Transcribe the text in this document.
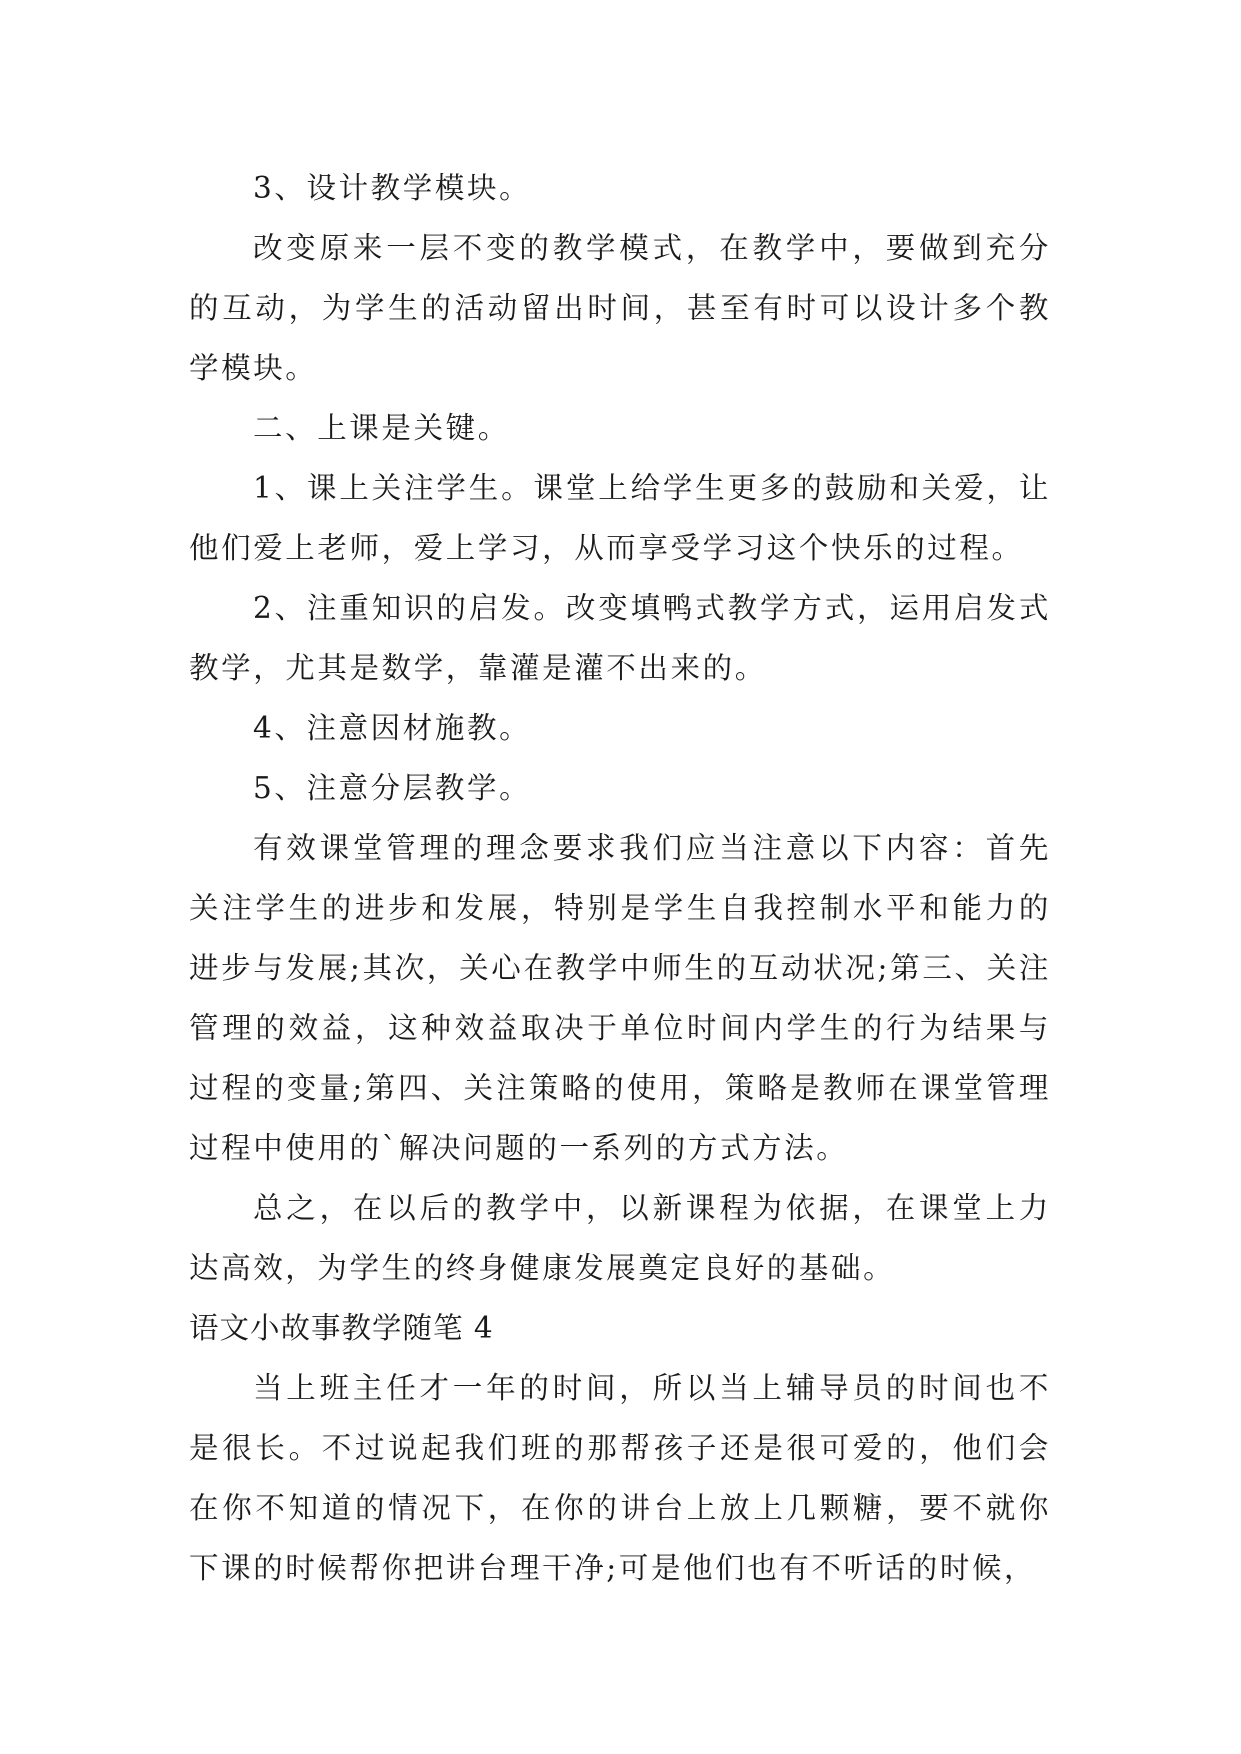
3、设计教学模块。

改变原来一层不变的教学模式，在教学中，要做到充分的互动，为学生的活动留出时间，甚至有时可以设计多个教学模块。

二、上课是关键。

1、课上关注学生。课堂上给学生更多的鼓励和关爱，让他们爱上老师，爱上学习，从而享受学习这个快乐的过程。

2、注重知识的启发。改变填鸭式教学方式，运用启发式教学，尤其是数学，靠灌是灌不出来的。

4、注意因材施教。

5、注意分层教学。

有效课堂管理的理念要求我们应当注意以下内容：首先关注学生的进步和发展，特别是学生自我控制水平和能力的进步与发展;其次，关心在教学中师生的互动状况;第三、关注管理的效益，这种效益取决于单位时间内学生的行为结果与过程的变量;第四、关注策略的使用，策略是教师在课堂管理过程中使用的`解决问题的一系列的方式方法。

总之，在以后的教学中，以新课程为依据，在课堂上力达高效，为学生的终身健康发展奠定良好的基础。

语文小故事教学随笔 4

当上班主任才一年的时间，所以当上辅导员的时间也不是很长。不过说起我们班的那帮孩子还是很可爱的，他们会在你不知道的情况下，在你的讲台上放上几颗糖，要不就你下课的时候帮你把讲台理干净;可是他们也有不听话的时候，
